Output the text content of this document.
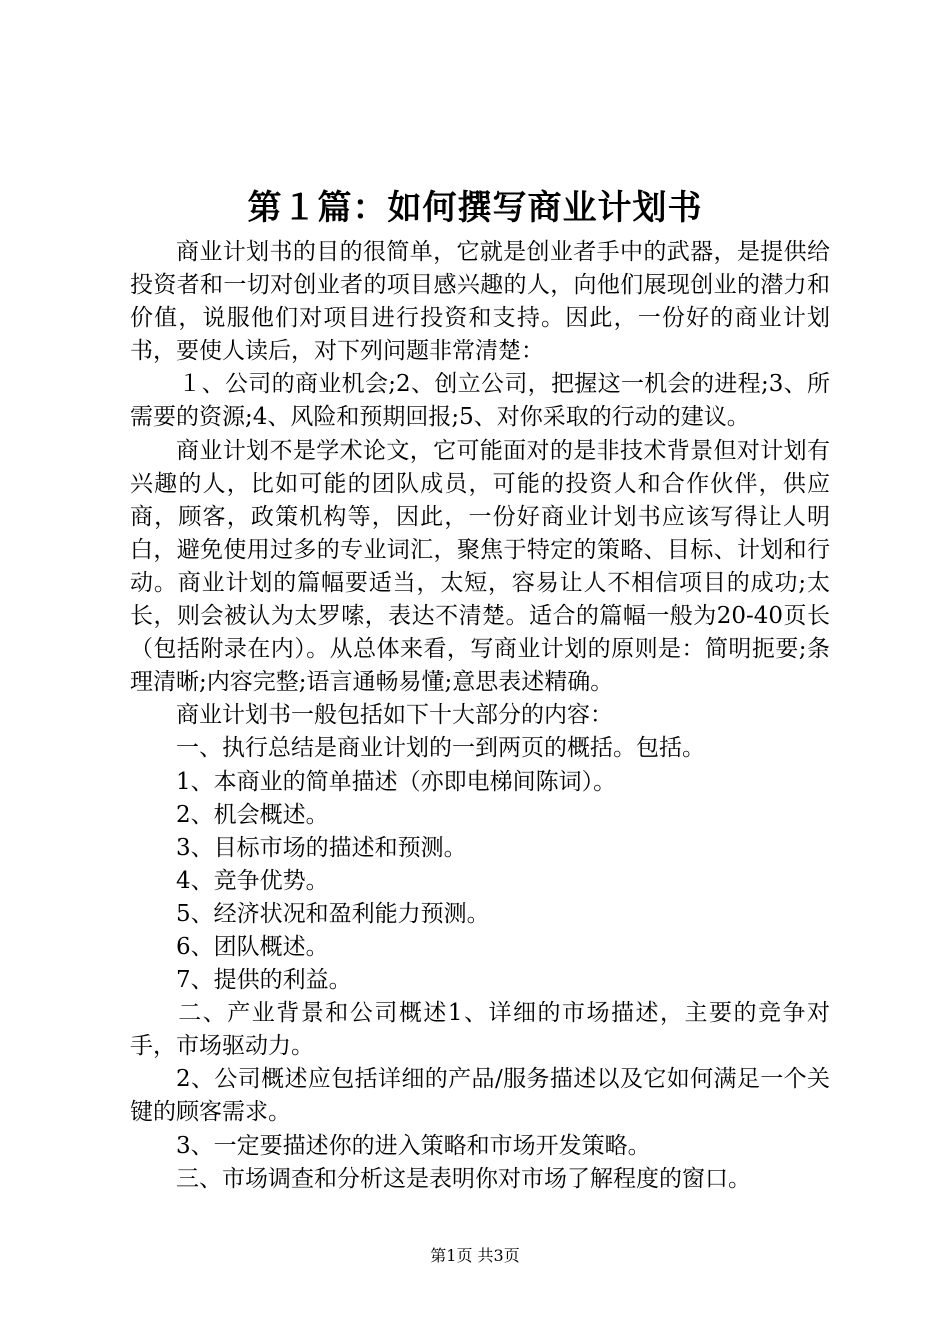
第１篇：如何撰写商业计划书

商业计划书的目的很简单，它就是创业者手中的武器，是提供给投资者和一切对创业者的项目感兴趣的人，向他们展现创业的潜力和价值，说服他们对项目进行投资和支持。因此，一份好的商业计划书，要使人读后，对下列问题非常清楚：

１、公司的商业机会;2、创立公司，把握这一机会的进程;3、所需要的资源;4、风险和预期回报;5、对你采取的行动的建议。

商业计划不是学术论文，它可能面对的是非技术背景但对计划有兴趣的人，比如可能的团队成员，可能的投资人和合作伙伴，供应商，顾客，政策机构等，因此，一份好商业计划书应该写得让人明白，避免使用过多的专业词汇，聚焦于特定的策略、目标、计划和行动。商业计划的篇幅要适当，太短，容易让人不相信项目的成功;太长，则会被认为太罗嗦，表达不清楚。适合的篇幅一般为20-40页长（包括附录在内）。从总体来看，写商业计划的原则是：简明扼要;条理清晰;内容完整;语言通畅易懂;意思表述精确。

商业计划书一般包括如下十大部分的内容：

一、执行总结是商业计划的一到两页的概括。包括。

1、本商业的简单描述（亦即电梯间陈词）。

2、机会概述。

3、目标市场的描述和预测。

4、竞争优势。

5、经济状况和盈利能力预测。

6、团队概述。

7、提供的利益。

二、产业背景和公司概述1、详细的市场描述，主要的竞争对手，市场驱动力。

2、公司概述应包括详细的产品/服务描述以及它如何满足一个关键的顾客需求。

3、一定要描述你的进入策略和市场开发策略。

三、市场调查和分析这是表明你对市场了解程度的窗口。

第1页 共3页
